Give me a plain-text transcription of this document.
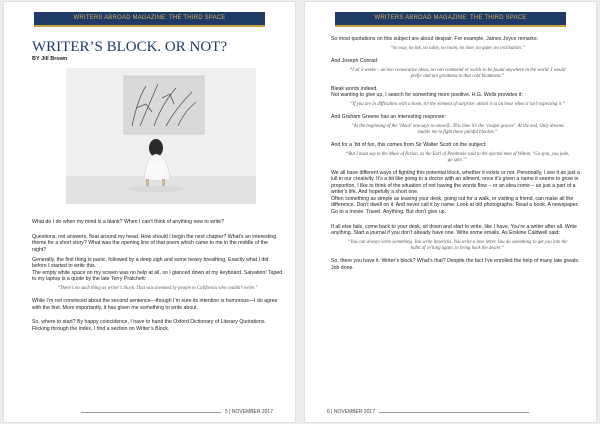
WRITERS ABROAD MAGAZINE: THE THIRD SPACE
WRITER’S BLOCK. OR NOT?
BY Jill Brown

What do I do when my mind is a blank? When I can’t think of anything new to write?

Questions, not answers, float around my head. How should I begin the next chapter? What’s an interesting theme for a short story? What was the opening line of that poem which came to me in the middle of the night?

Generally, the first thing is panic, followed by a deep sigh and some heavy breathing. Exactly what I did before I started to write this.

The empty white space on my screen was no help at all, so I glanced down at my keyboard. Salvation! Taped to my laptop is a quote by the late Terry Pratchett:

“There’s no such thing as writer’s block. That was invented by people in California who couldn’t write.”

While I’m not convinced about the second sentence—though I’m sure its intention is humorous—I do agree with the first. More importantly, it has given me something to write about.

So, where to start? By happy coincidence, I have to hand the Oxford Dictionary of Literary Quotations. Flicking through the index, I find a section on Writer’s Block.

5 | NOVEMBER 2017
WRITERS ABROAD MAGAZINE: THE THIRD SPACE

So most quotations on this subject are about despair. For example, James Joyce remarks:

“no way, no ink, no table, no room, no time, no quiet, no inclination.”

And Joseph Conrad:

“I sit 3 weeks – an two consecutive ideas, no can commend or words to be found anywhere in the world. I would prefer and not greatness to that cold blankness.”

Bleak words indeed.

Not wanting to give up, I search for something more positive. H.G. Wells provides it:

“If you are in difficulties with a book, try the element of surprise: attack it at an hour when it isn’t expecting it.”

And Graham Greene has an interesting response:

“At the beginning of the ‘block’ one says to oneself...This time it’s the ‘couple graces’. At the end, Only dreams enable me to fight these painful blockes.”

And for a ‘bit of fun, this comes from Sir Walter Scott on the subject:

“But I must say to the Muse of fiction, as the Earl of Pembroke said to the ejected men of Wilton, ‘Go spin, you jade, go spin.’”

We all have different ways of fighting this potential block, whether it exists or not. Personally, I see it as just a lull in our creativity. It’s a bit like going to a doctor with an ailment, once it’s given a name it seems to grow in proportion. I like to think of the situation of not having the words flow – or an idea come – as just a part of a writer’s life. And hopefully a short one.

Often something as simple as leaving your desk, going out for a walk, or visiting a friend, can make all the difference. Don’t dwell on it. And never call it by name. Look at old photographs. Read a book. A newspaper. Go to a movie. Travel. Anything. But don’t give up.

If all else fails, come back to your desk, sit down and start to write, like I have. You’re a writer after all. Write anything. Start a journal if you don’t already have one. Write some emails. As Erskine Caldwell said:

“You can always write something. You write limericks. You write a love letter. You do something to get you into the habit of writing again, to bring back the desire.”

So, there you have it. Writer’s block? What’s that? Despite the fact I’ve enrolled the help of many late greats. Job done.

6 | NOVEMBER 2017
